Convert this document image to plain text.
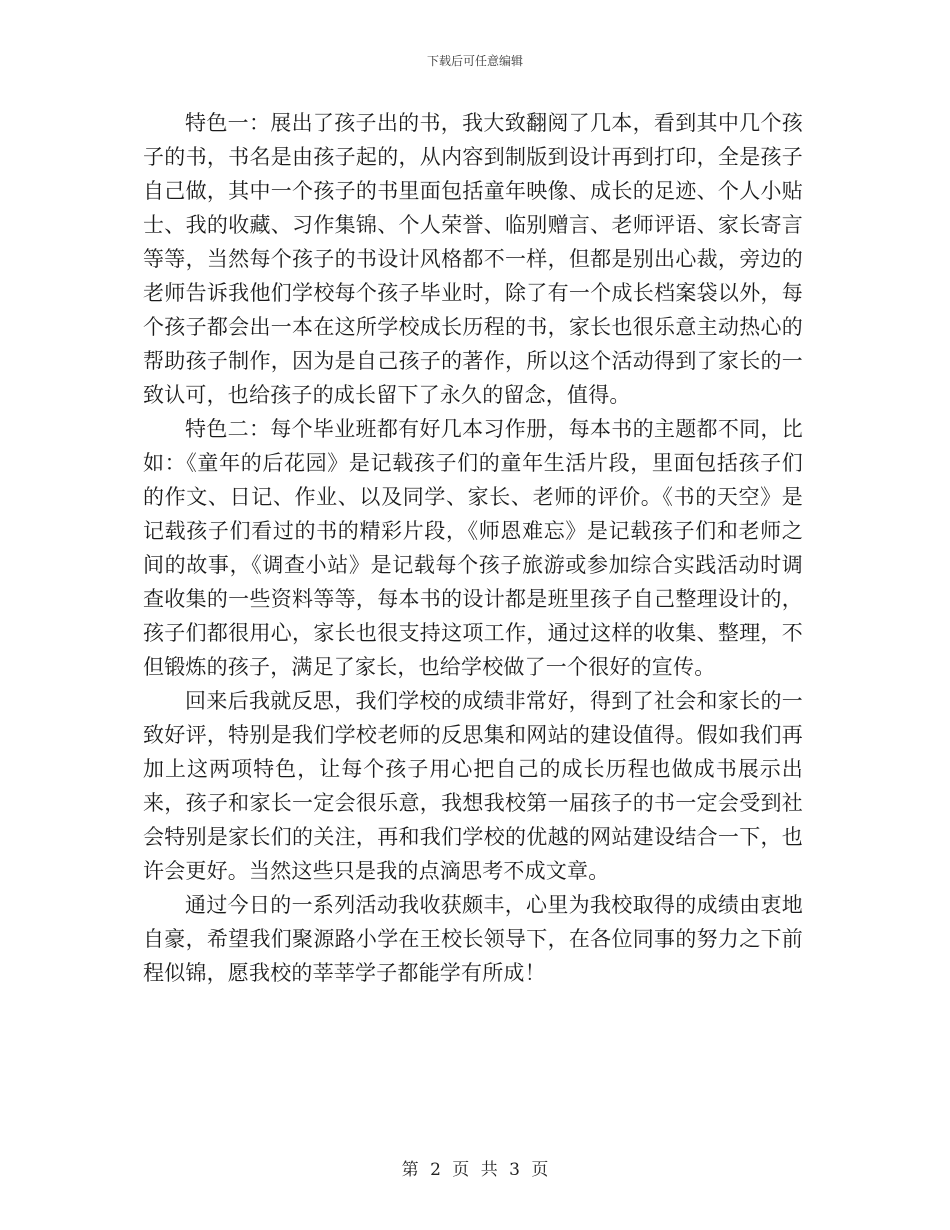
下载后可任意编辑

特色一：展出了孩子出的书，我大致翻阅了几本，看到其中几个孩子的书，书名是由孩子起的，从内容到制版到设计再到打印，全是孩子自己做，其中一个孩子的书里面包括童年映像、成长的足迹、个人小贴士、我的收藏、习作集锦、个人荣誉、临别赠言、老师评语、家长寄言等等，当然每个孩子的书设计风格都不一样，但都是别出心裁，旁边的老师告诉我他们学校每个孩子毕业时，除了有一个成长档案袋以外，每个孩子都会出一本在这所学校成长历程的书，家长也很乐意主动热心的帮助孩子制作，因为是自己孩子的著作，所以这个活动得到了家长的一致认可，也给孩子的成长留下了永久的留念，值得。

特色二：每个毕业班都有好几本习作册，每本书的主题都不同，比如：《童年的后花园》是记载孩子们的童年生活片段，里面包括孩子们的作文、日记、作业、以及同学、家长、老师的评价。《书的天空》是记载孩子们看过的书的精彩片段，《师恩难忘》是记载孩子们和老师之间的故事，《调查小站》是记载每个孩子旅游或参加综合实践活动时调查收集的一些资料等等，每本书的设计都是班里孩子自己整理设计的，孩子们都很用心，家长也很支持这项工作，通过这样的收集、整理，不但锻炼的孩子，满足了家长，也给学校做了一个很好的宣传。

回来后我就反思，我们学校的成绩非常好，得到了社会和家长的一致好评，特别是我们学校老师的反思集和网站的建设值得。假如我们再加上这两项特色，让每个孩子用心把自己的成长历程也做成书展示出来，孩子和家长一定会很乐意，我想我校第一届孩子的书一定会受到社会特别是家长们的关注，再和我们学校的优越的网站建设结合一下，也许会更好。当然这些只是我的点滴思考不成文章。

通过今日的一系列活动我收获颇丰，心里为我校取得的成绩由衷地自豪，希望我们聚源路小学在王校长领导下，在各位同事的努力之下前程似锦，愿我校的莘莘学子都能学有所成！

第 2 页 共 3 页
